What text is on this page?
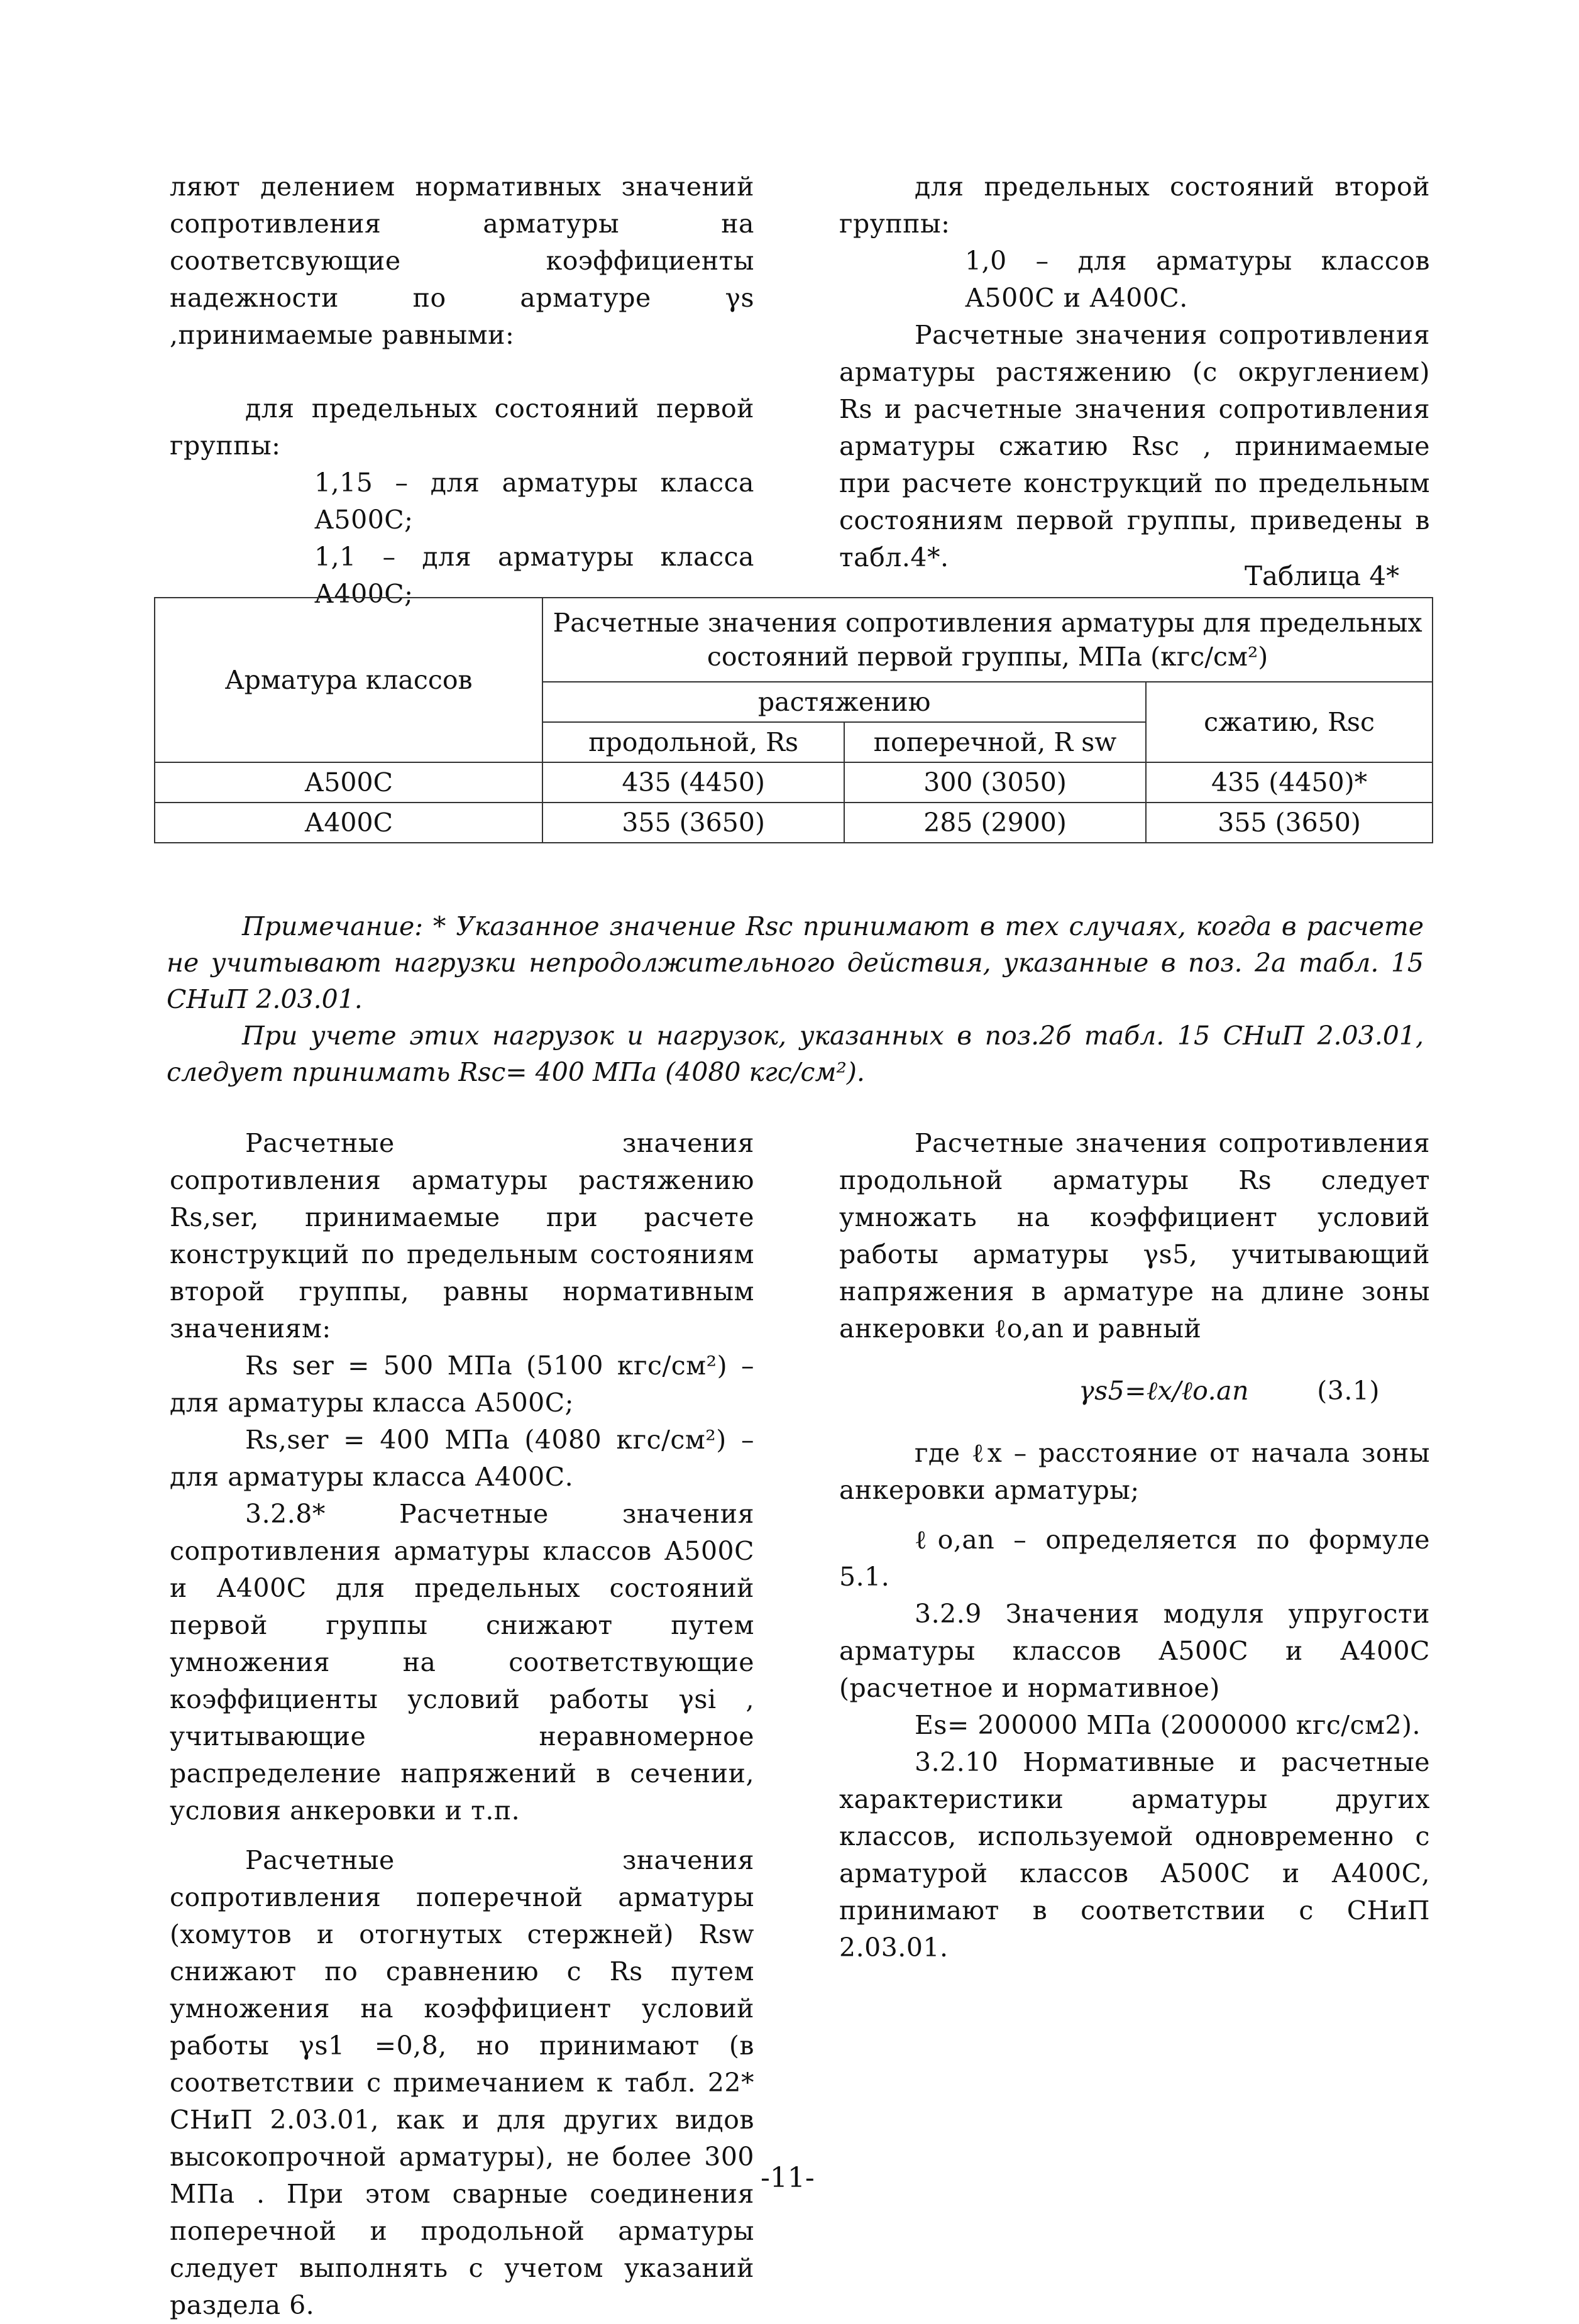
ляют делением нормативных значений сопротивления арматуры на соответсвующие коэффициенты надежности по арматуре γs ,принимаемые равными:

для предельных состояний первой группы:

1,15 – для арматуры класса А500С;

1,1 – для арматуры класса А400С;

для предельных состояний второй группы:

1,0 – для арматуры классов А500С и А400С.

Расчетные значения сопротивления арматуры растяжению (с округлением) Rs и расчетные значения сопротивления арматуры сжатию Rsc , принимаемые при расчете конструкций по предельным состояниям первой группы, приведены в табл.4*.

Таблица 4*
Арматура классов	Расчетные значения сопротивления арматуры для предельных состояний первой группы, МПа (кгс/см²)		
	растяжению		сжатию, Rsc
	продольной, Rs	поперечной, R sw	
А500С	435 (4450)	300 (3050)	435 (4450)*
А400С	355 (3650)	285 (2900)	355 (3650)

Примечание: * Указанное значение Rsc принимают в тех случаях, когда в расчете не учитывают нагрузки непродолжительного действия, указанные в поз. 2а табл. 15 СНиП 2.03.01.

При учете этих нагрузок и нагрузок, указанных в поз.2б табл. 15 СНиП 2.03.01, следует принимать Rsc= 400 МПа (4080 кгс/см²).

Расчетные значения сопротивления арматуры растяжению Rs,ser, принимаемые при расчете конструкций по предельным состояниям второй группы, равны нормативным значениям:

Rs ser = 500 МПа (5100 кгс/см²) – для арматуры класса А500С;

Rs,ser = 400 МПа (4080 кгс/см²) – для арматуры класса А400С.

3.2.8* Расчетные значения сопротивления арматуры классов А500С и А400С для предельных состояний первой группы снижают путем умножения на соответствующие коэффициенты условий работы γsi , учитывающие неравномерное распределение напряжений в сечении, условия анкеровки и т.п.

Расчетные значения сопротивления поперечной арматуры (хомутов и отогнутых стержней) Rsw снижают по сравнению с Rs путем умножения на коэффициент условий работы γs1 =0,8, но принимают (в соответствии с примечанием к табл. 22* СНиП 2.03.01, как и для других видов высокопрочной арматуры), не более 300 МПа . При этом сварные соединения поперечной и продольной арматуры следует выполнять с учетом указаний раздела 6.

Расчетные значения сопротивления продольной арматуры Rs следует умножать на коэффициент условий работы арматуры γs5, учитывающий напряжения в арматуре на длине зоны анкеровки ℓo,an и равный

γs5=ℓx/ℓo.an	(3.1)

где ℓx – расстояние от начала зоны анкеровки арматуры;

ℓo,an – определяется по формуле 5.1.

3.2.9 Значения модуля упругости арматуры классов А500С и А400С (расчетное и нормативное)

Es= 200000 МПа (2000000 кгс/см2).

3.2.10 Нормативные и расчетные характеристики арматуры других классов, используемой одновременно с арматурой классов А500С и А400С, принимают в соответствии с СНиП 2.03.01.

-11-
